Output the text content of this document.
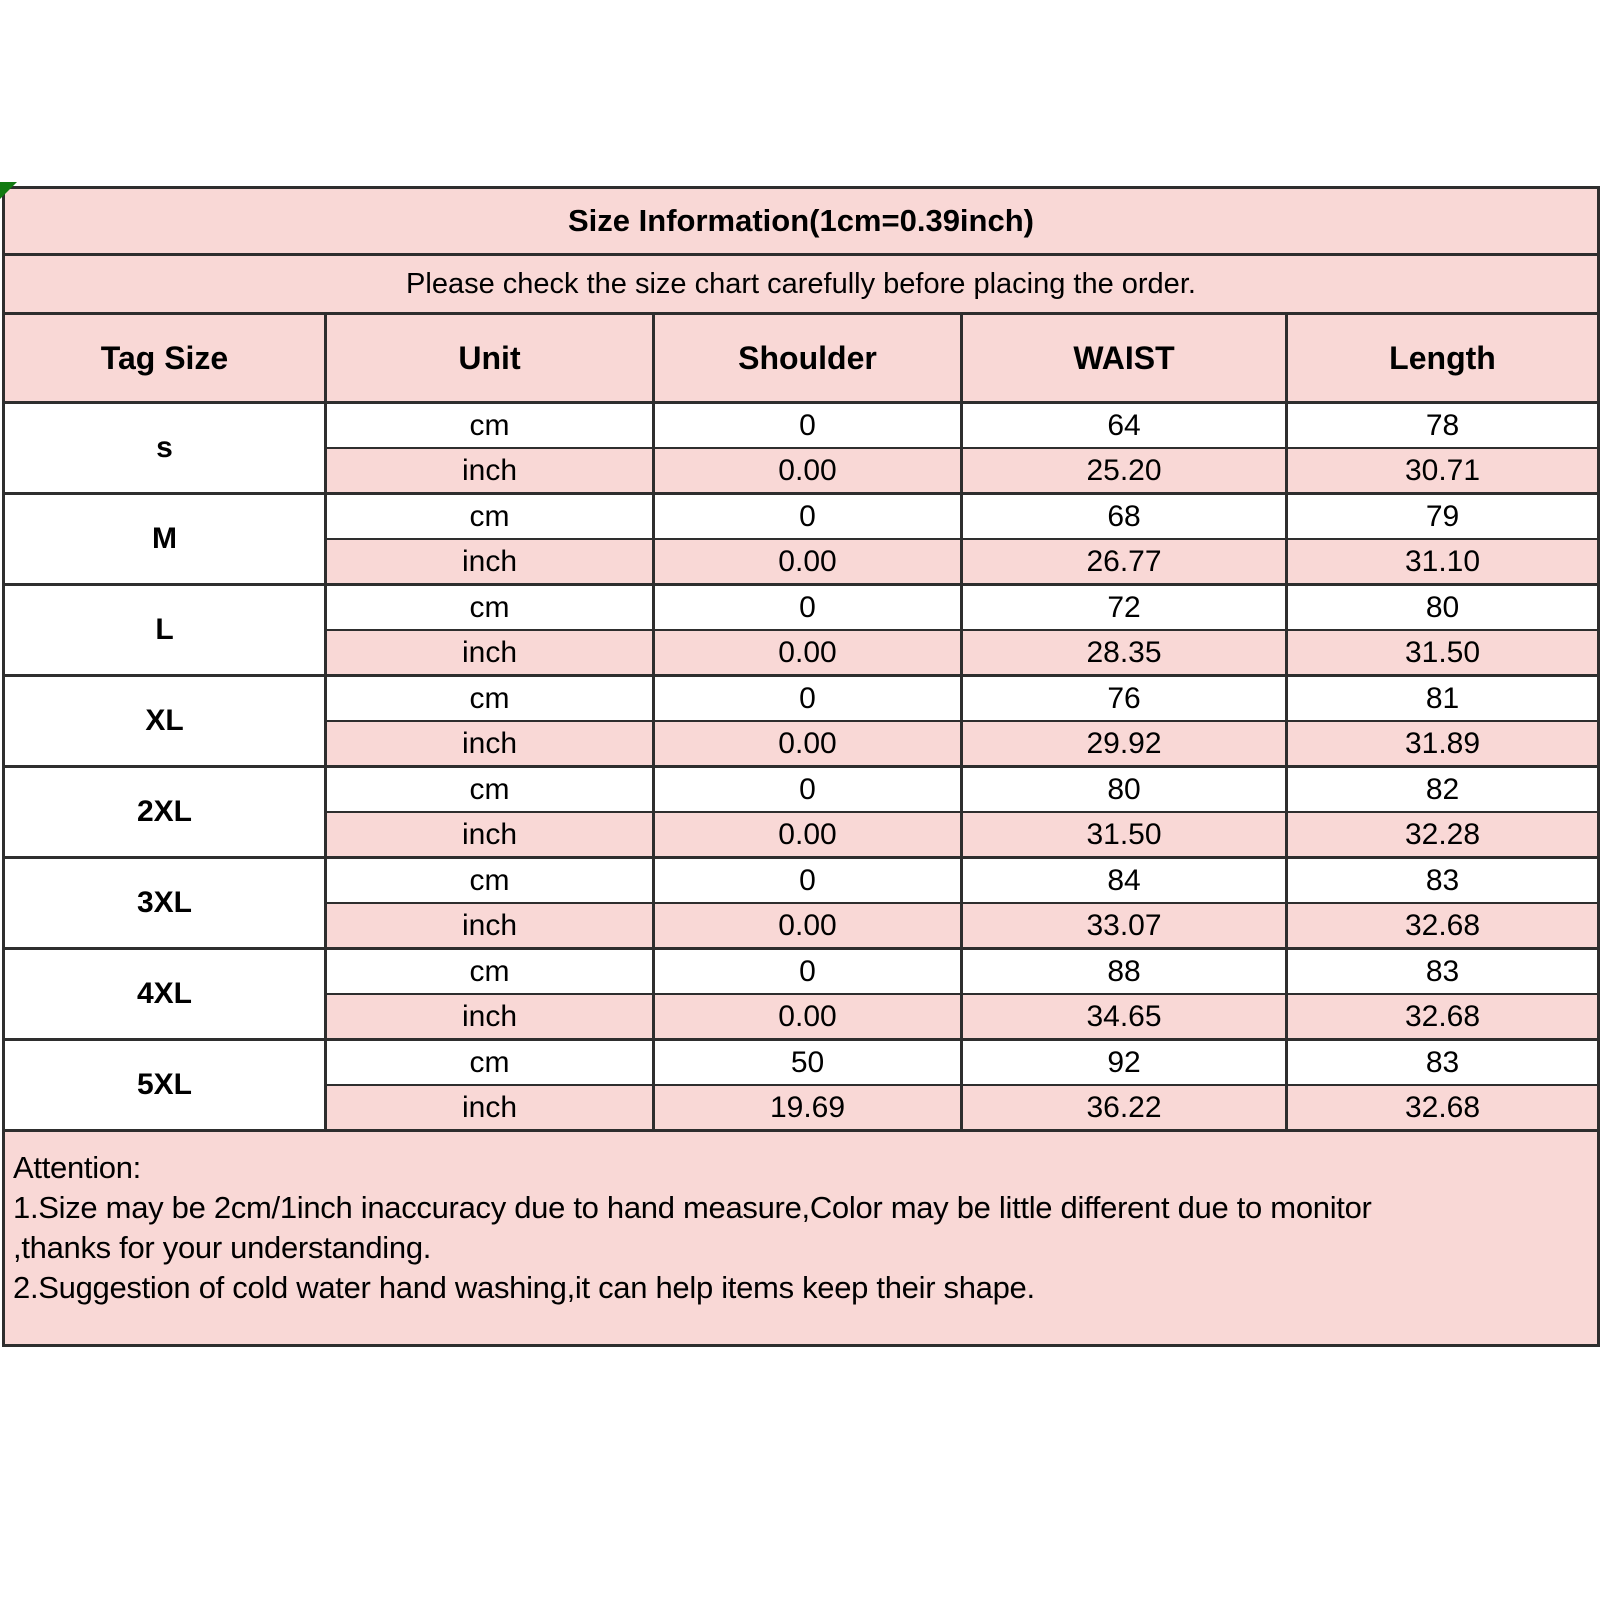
Size Information(1cm=0.39inch)				
Please check the size chart carefully before placing the order.				
Tag Size	Unit	Shoulder	WAIST	Length
s	cm	0	64	78
	inch	0.00	25.20	30.71
M	cm	0	68	79
	inch	0.00	26.77	31.10
L	cm	0	72	80
	inch	0.00	28.35	31.50
XL	cm	0	76	81
	inch	0.00	29.92	31.89
2XL	cm	0	80	82
	inch	0.00	31.50	32.28
3XL	cm	0	84	83
	inch	0.00	33.07	32.68
4XL	cm	0	88	83
	inch	0.00	34.65	32.68
5XL	cm	50	92	83
	inch	19.69	36.22	32.68

Attention:
1.Size may be 2cm/1inch inaccuracy due to hand measure,Color may be little different due to monitor
,thanks for your understanding.
2.Suggestion of cold water hand washing,it can help items keep their shape.				
